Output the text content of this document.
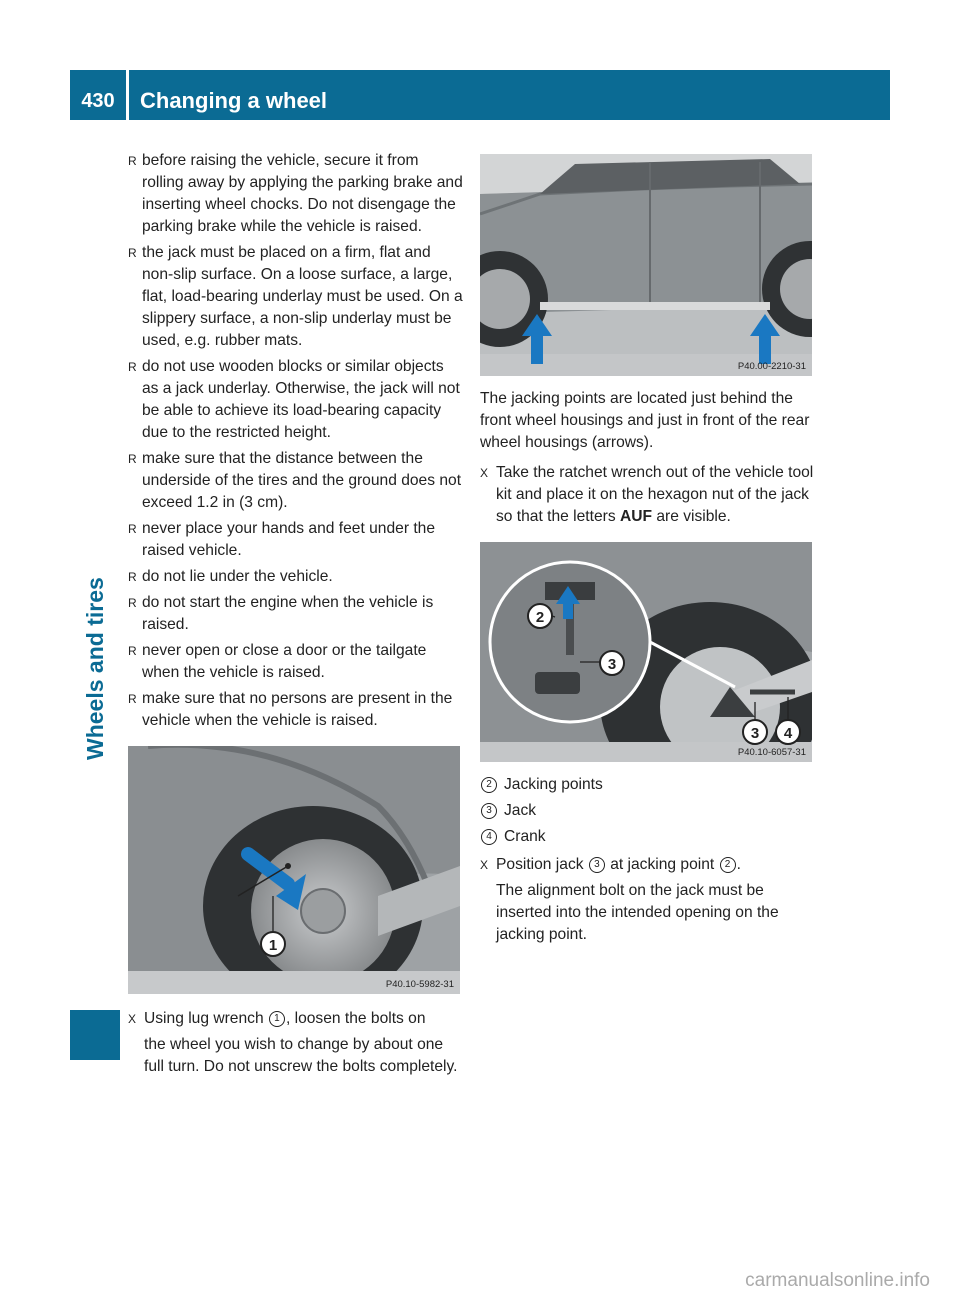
430	Changing a wheel
Wheels and tires
R before raising the vehicle, secure it from rolling away by applying the parking brake and inserting wheel chocks. Do not disengage the parking brake while the vehicle is raised.
R the jack must be placed on a firm, flat and non-slip surface. On a loose surface, a large, flat, load-bearing underlay must be used. On a slippery surface, a non-slip underlay must be used, e.g. rubber mats.
R do not use wooden blocks or similar objects as a jack underlay. Otherwise, the jack will not be able to achieve its load-bearing capacity due to the restricted height.
R make sure that the distance between the underside of the tires and the ground does not exceed 1.2 in (3 cm).
R never place your hands and feet under the raised vehicle.
R do not lie under the vehicle.
R do not start the engine when the vehicle is raised.
R never open or close a door or the tailgate when the vehicle is raised.
R make sure that no persons are present in the vehicle when the vehicle is raised.
1
P40.10-5982-31

X Using lug wrench 1 , loosen the bolts on

the wheel you wish to change by about one full turn. Do not unscrew the bolts completely.

P40.00-2210-31

The jacking points are located just behind the front wheel housings and just in front of the rear wheel housings (arrows).

X Take the ratchet wrench out of the vehicle tool kit and place it on the hexagon nut of the jack so that the letters AUF are visible.

2
3
3 4
P40.10-6057-31
2 Jacking points
3 Jack
4 Crank

X Position jack 3 at jacking point 2 .

The alignment bolt on the jack must be inserted into the intended opening on the jacking point.

carmanualsonline.info
